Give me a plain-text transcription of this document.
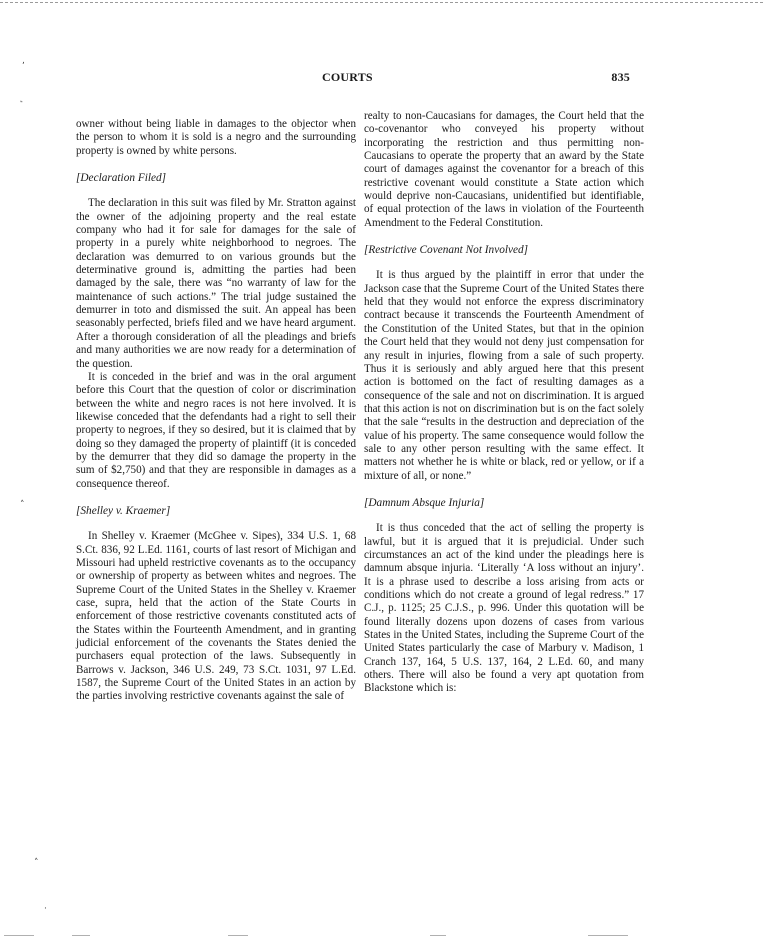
,
˻
˄
˄
·
COURTS	835

owner without being liable in damages to the objector when the person to whom it is sold is a negro and the surrounding property is owned by white persons.

[Declaration Filed]

The declaration in this suit was filed by Mr. Stratton against the owner of the adjoining property and the real estate company who had it for sale for damages for the sale of property in a purely white neighborhood to negroes. The declaration was demurred to on various grounds but the determinative ground is, admitting the parties had been damaged by the sale, there was “no warranty of law for the maintenance of such actions.” The trial judge sustained the demurrer in toto and dismissed the suit. An appeal has been seasonably perfected, briefs filed and we have heard argument. After a thorough consideration of all the pleadings and briefs and many authorities we are now ready for a determination of the question.

It is conceded in the brief and was in the oral argument before this Court that the question of color or discrimination between the white and negro races is not here involved. It is likewise conceded that the defendants had a right to sell their property to negroes, if they so desired, but it is claimed that by doing so they damaged the property of plaintiff (it is conceded by the demurrer that they did so damage the property in the sum of $2,750) and that they are responsible in damages as a consequence thereof.

[Shelley v. Kraemer]

In Shelley v. Kraemer (McGhee v. Sipes), 334 U.S. 1, 68 S.Ct. 836, 92 L.Ed. 1161, courts of last resort of Michigan and Missouri had upheld restrictive covenants as to the occupancy or ownership of property as between whites and negroes. The Supreme Court of the United States in the Shelley v. Kraemer case, supra, held that the action of the State Courts in enforcement of those restrictive covenants constituted acts of the States within the Fourteenth Amendment, and in granting judicial enforcement of the covenants the States denied the purchasers equal protection of the laws. Subsequently in Barrows v. Jackson, 346 U.S. 249, 73 S.Ct. 1031, 97 L.Ed. 1587, the Supreme Court of the United States in an action by the parties involving restrictive covenants against the sale of

realty to non-Caucasians for damages, the Court held that the co-covenantor who conveyed his property without incorporating the restriction and thus permitting non-Caucasians to operate the property that an award by the State court of damages against the covenantor for a breach of this restrictive covenant would constitute a State action which would deprive non-Caucasians, unidentified but identifiable, of equal protection of the laws in violation of the Fourteenth Amendment to the Federal Constitution.

[Restrictive Covenant Not Involved]

It is thus argued by the plaintiff in error that under the Jackson case that the Supreme Court of the United States there held that they would not enforce the express discriminatory contract because it transcends the Fourteenth Amendment of the Constitution of the United States, but that in the opinion the Court held that they would not deny just compensation for any result in injuries, flowing from a sale of such property. Thus it is seriously and ably argued here that this present action is bottomed on the fact of resulting damages as a consequence of the sale and not on discrimination. It is argued that this action is not on discrimination but is on the fact solely that the sale “results in the destruction and depreciation of the value of his property. The same consequence would follow the sale to any other person resulting with the same effect. It matters not whether he is white or black, red or yellow, or if a mixture of all, or none.”

[Damnum Absque Injuria]

It is thus conceded that the act of selling the property is lawful, but it is argued that it is prejudicial. Under such circumstances an act of the kind under the pleadings here is damnum absque injuria. ‘Literally ‘A loss without an injury’. It is a phrase used to describe a loss arising from acts or conditions which do not create a ground of legal redress.” 17 C.J., p. 1125; 25 C.J.S., p. 996. Under this quotation will be found literally dozens upon dozens of cases from various States in the United States, including the Supreme Court of the United States particularly the case of Marbury v. Madison, 1 Cranch 137, 164, 5 U.S. 137, 164, 2 L.Ed. 60, and many others. There will also be found a very apt quotation from Blackstone which is:
